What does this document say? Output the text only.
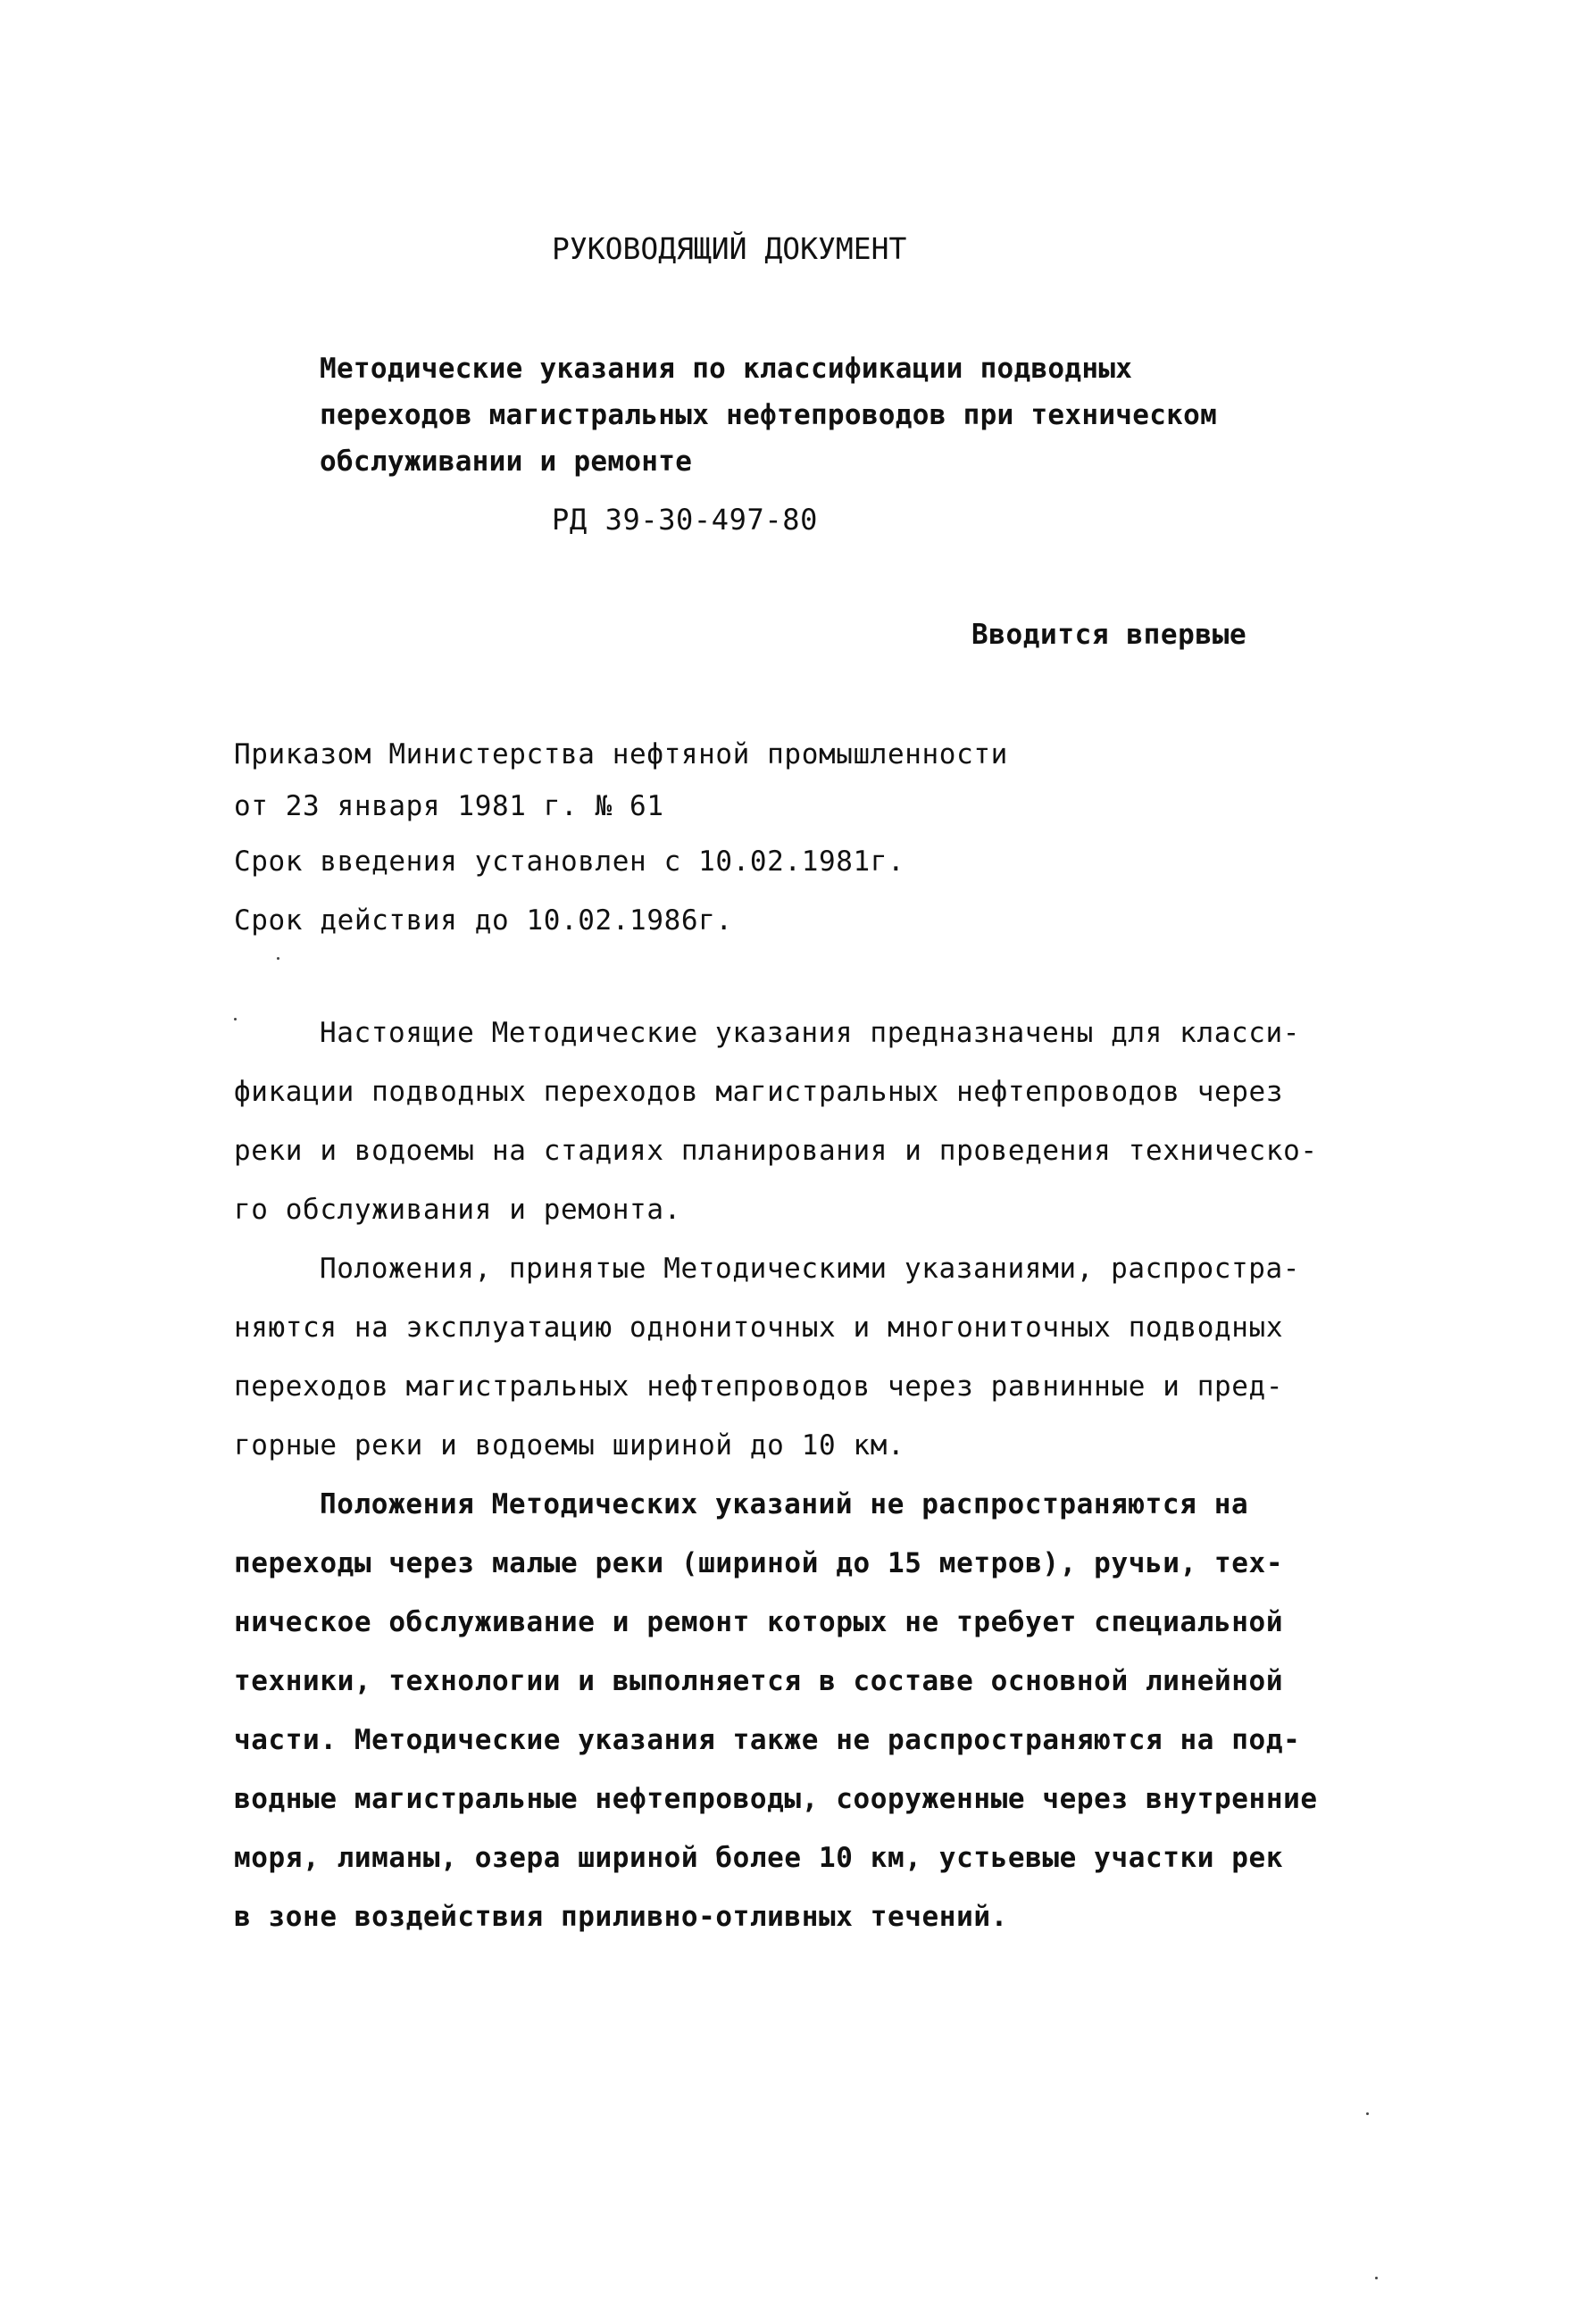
РУКОВОДЯЩИЙ ДОКУМЕНТ
Методические указания по классификации подводных
переходов магистральных нефтепроводов при техническом
обслуживании и ремонте
РД 39-30-497-80
Вводится впервые
Приказом Министерства нефтяной промышленности
от 23 января 1981 г. № 61
Срок введения установлен с 10.02.1981г.
Срок действия до 10.02.1986г.
Настоящие Методические указания предназначены для класси-
фикации подводных переходов магистральных нефтепроводов через
реки и водоемы на стадиях планирования и проведения техническо-
го обслуживания и ремонта.
Положения, принятые Методическими указаниями, распростра-
няются на эксплуатацию однониточных и многониточных подводных
переходов магистральных нефтепроводов через равнинные и пред-
горные реки и водоемы шириной до 10 км.
Положения Методических указаний не распространяются на
переходы через малые реки (шириной до 15 метров), ручьи, тех-
ническое обслуживание и ремонт которых не требует специальной
техники, технологии и выполняется в составе основной линейной
части. Методические указания также не распространяются на под-
водные магистральные нефтепроводы, сооруженные через внутренние
моря, лиманы, озера шириной более 10 км, устьевые участки рек
в зоне воздействия приливно-отливных течений.
